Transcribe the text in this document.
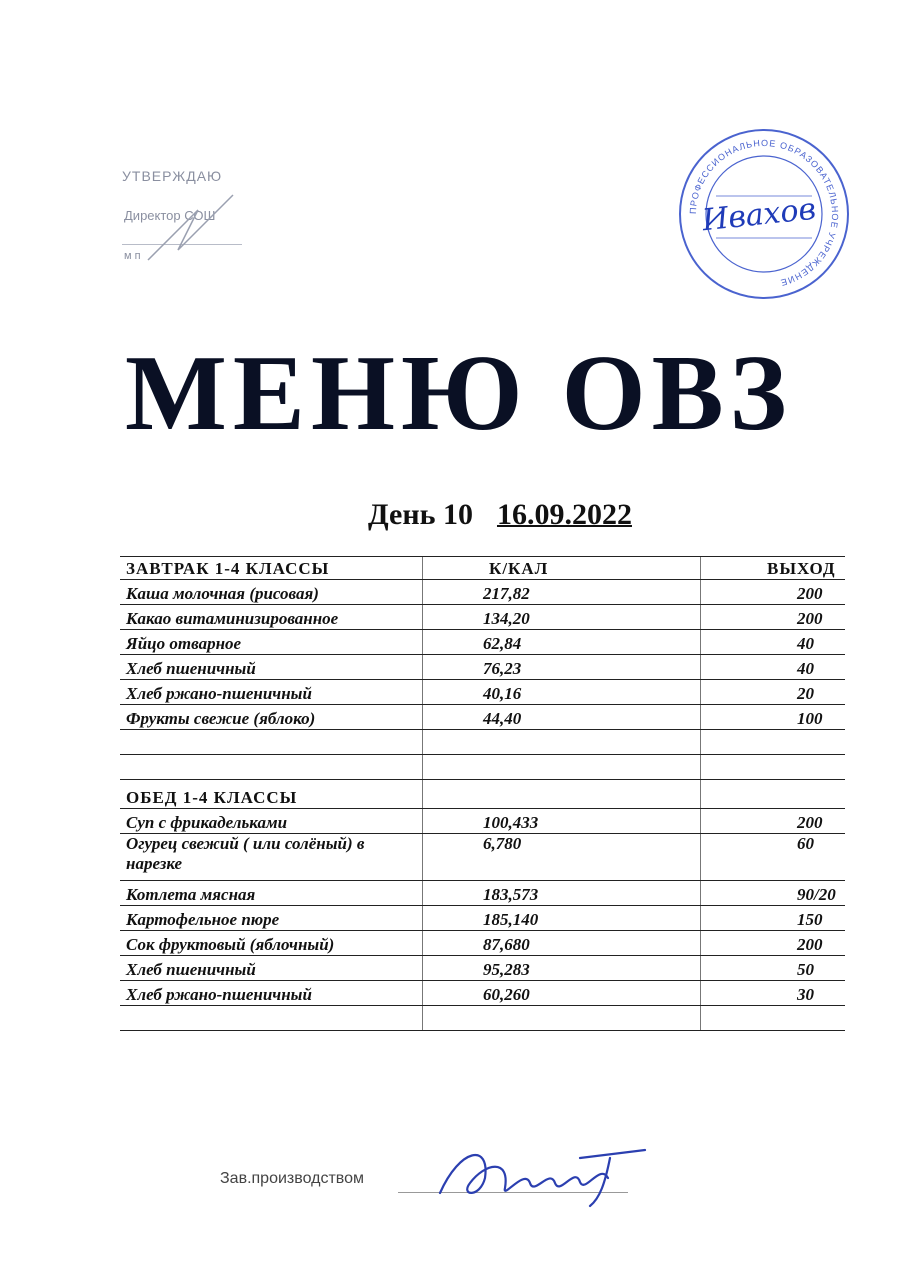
УТВЕРЖДАЮ
Директор СОШ
м п
ПРОФЕССИОНАЛЬНОЕ ОБРАЗОВАТЕЛЬНОЕ УЧРЕЖДЕНИЕ
Ивахов
МЕНЮ ОВЗ
День 10 16.09.2022
ЗАВТРАК 1-4 КЛАССЫ	К/КАЛ	ВЫХОД
Каша молочная (рисовая)	217,82	200
Какао витаминизированное	134,20	200
Яйцо отварное	62,84	40
Хлеб пшеничный	76,23	40
Хлеб ржано-пшеничный	40,16	20
Фрукты свежие (яблоко)	44,40	100

ОБЕД 1-4 КЛАССЫ		
Суп с фрикадельками	100,433	200
Огурец свежий ( или солёный) в нарезке	6,780	60
Котлета мясная	183,573	90/20
Картофельное пюре	185,140	150
Сок фруктовый (яблочный)	87,680	200
Хлеб пшеничный	95,283	50
Хлеб ржано-пшеничный	60,260	30

Зав.производством
